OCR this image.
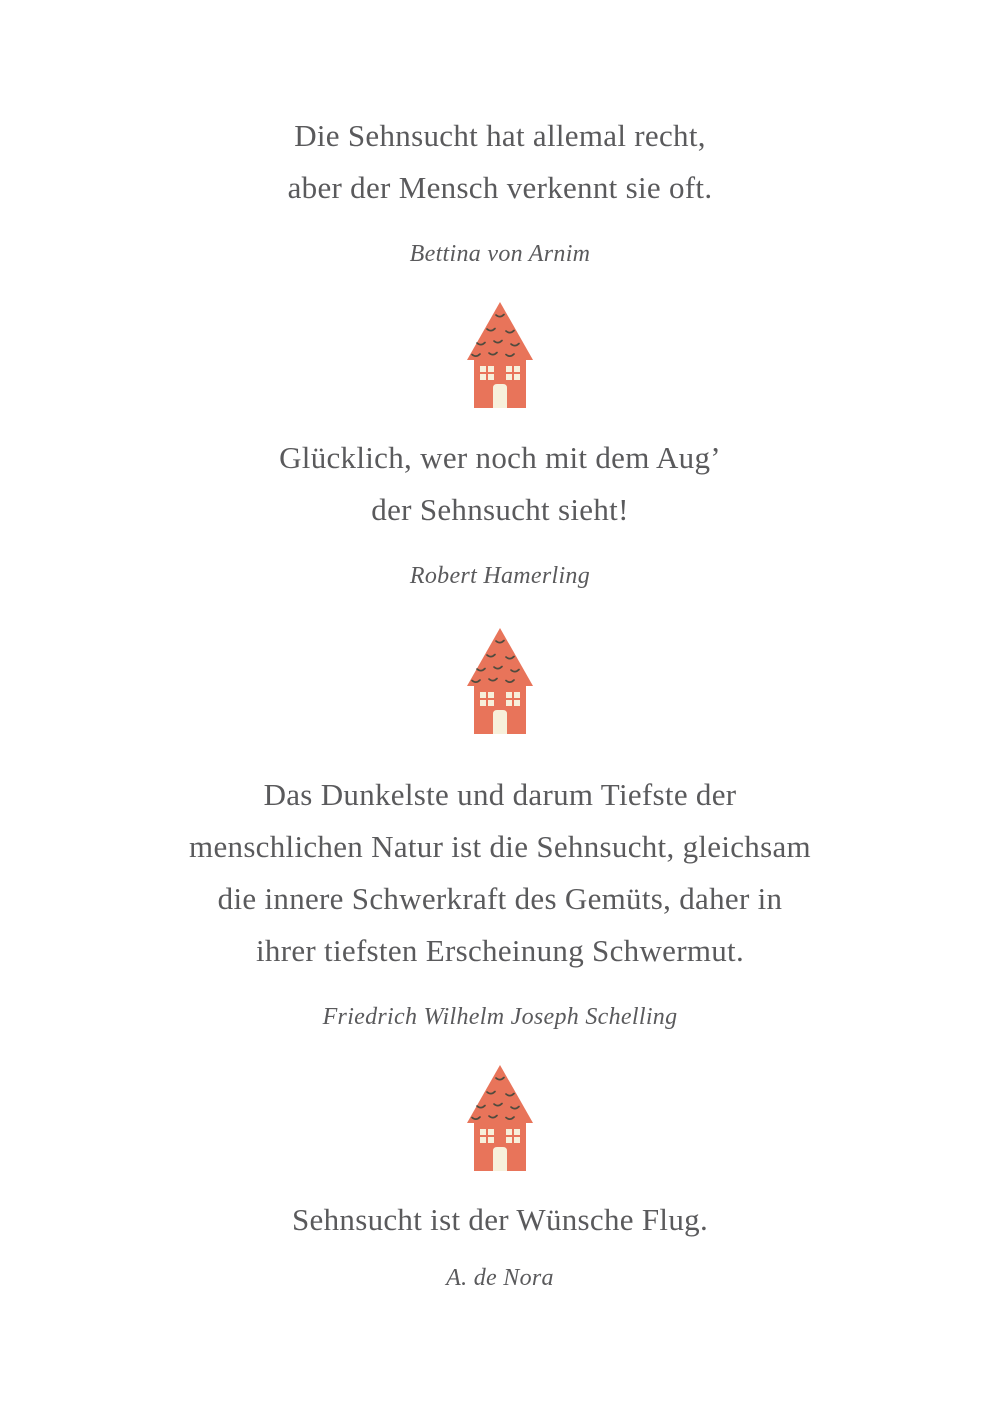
Die Sehnsucht hat allemal recht,
aber der Mensch verkennt sie oft.
Bettina von Arnim
Glücklich, wer noch mit dem Aug’
der Sehnsucht sieht!
Robert Hamerling
Das Dunkelste und darum Tiefste der
menschlichen Natur ist die Sehnsucht, gleichsam
die innere Schwerkraft des Gemüts, daher in
ihrer tiefsten Erscheinung Schwermut.
Friedrich Wilhelm Joseph Schelling
Sehnsucht ist der Wünsche Flug.
A. de Nora
